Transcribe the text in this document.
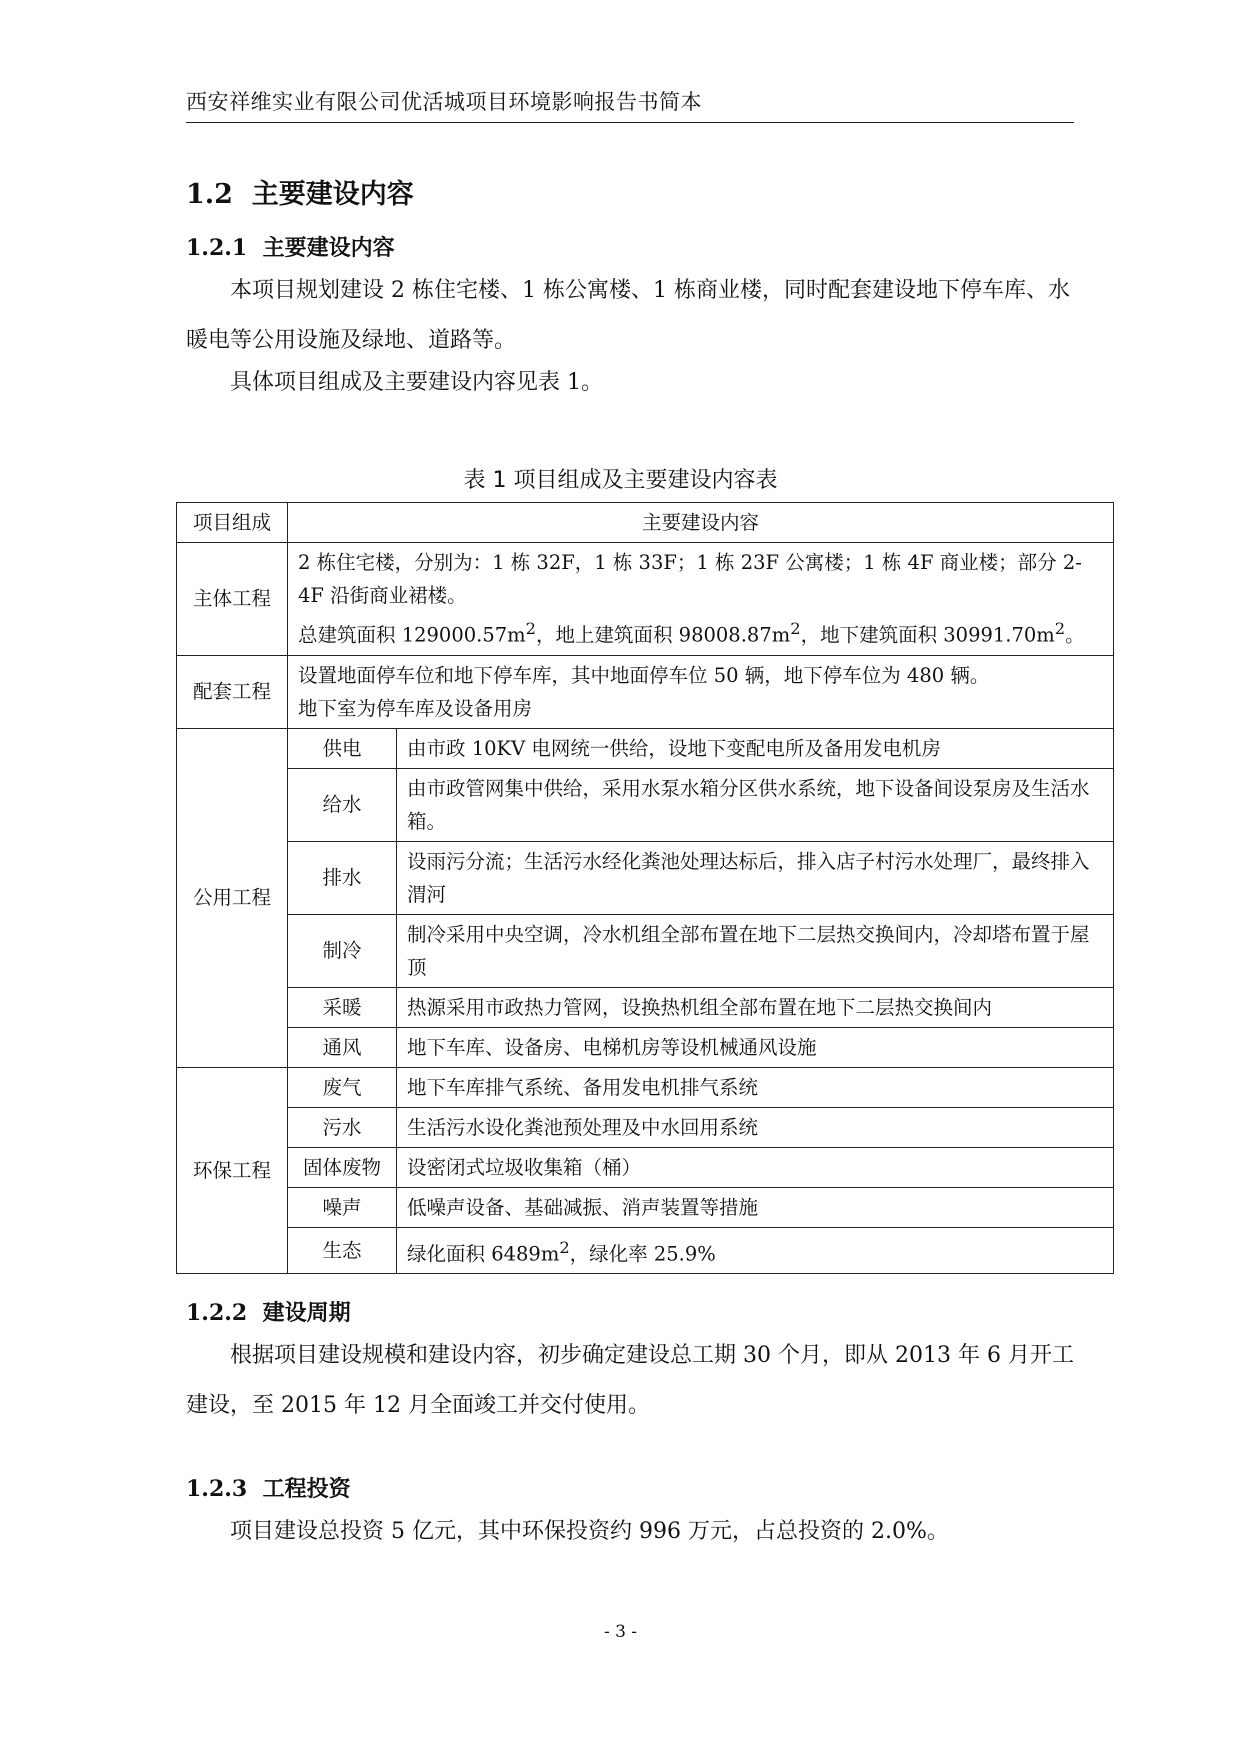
西安祥维实业有限公司优活城项目环境影响报告书简本
1.2 主要建设内容
1.2.1 主要建设内容
本项目规划建设 2 栋住宅楼、1 栋公寓楼、1 栋商业楼，同时配套建设地下停车库、水暖电等公用设施及绿地、道路等。
具体项目组成及主要建设内容见表 1。
表 1 项目组成及主要建设内容表
项目组成	主要建设内容	
主体工程	2 栋住宅楼，分别为：1 栋 32F，1 栋 33F；1 栋 23F 公寓楼；1 栋 4F 商业楼；部分 2-4F 沿街商业裙楼。
总建筑面积 $129000.57m^2$，地上建筑面积 $98008.87m^2$，地下建筑面积 $30991.70m^2$。	

配套工程	设置地面停车位和地下停车库，其中地面停车位 50 辆，地下停车位为 480 辆。
地下室为停车库及设备用房	

公用工程	供电	由市政 10KV 电网统一供给，设地下变配电所及备用发电机房
	给水	由市政管网集中供给，采用水泵水箱分区供水系统，地下设备间设泵房及生活水箱。
	排水	设雨污分流；生活污水经化粪池处理达标后，排入店子村污水处理厂，最终排入渭河
	制冷	制冷采用中央空调，冷水机组全部布置在地下二层热交换间内，冷却塔布置于屋顶
	采暖	热源采用市政热力管网，设换热机组全部布置在地下二层热交换间内
	通风	地下车库、设备房、电梯机房等设机械通风设施
环保工程	废气	地下车库排气系统、备用发电机排气系统
	污水	生活污水设化粪池预处理及中水回用系统
	固体废物	设密闭式垃圾收集箱（桶）
	噪声	低噪声设备、基础减振、消声装置等措施
	生态	绿化面积 $6489m^2$，绿化率 25.9%
1.2.2 建设周期
根据项目建设规模和建设内容，初步确定建设总工期 30 个月，即从 2013 年 6 月开工建设，至 2015 年 12 月全面竣工并交付使用。
1.2.3 工程投资
项目建设总投资 5 亿元，其中环保投资约 996 万元，占总投资的 2.0%。
- 3 -
